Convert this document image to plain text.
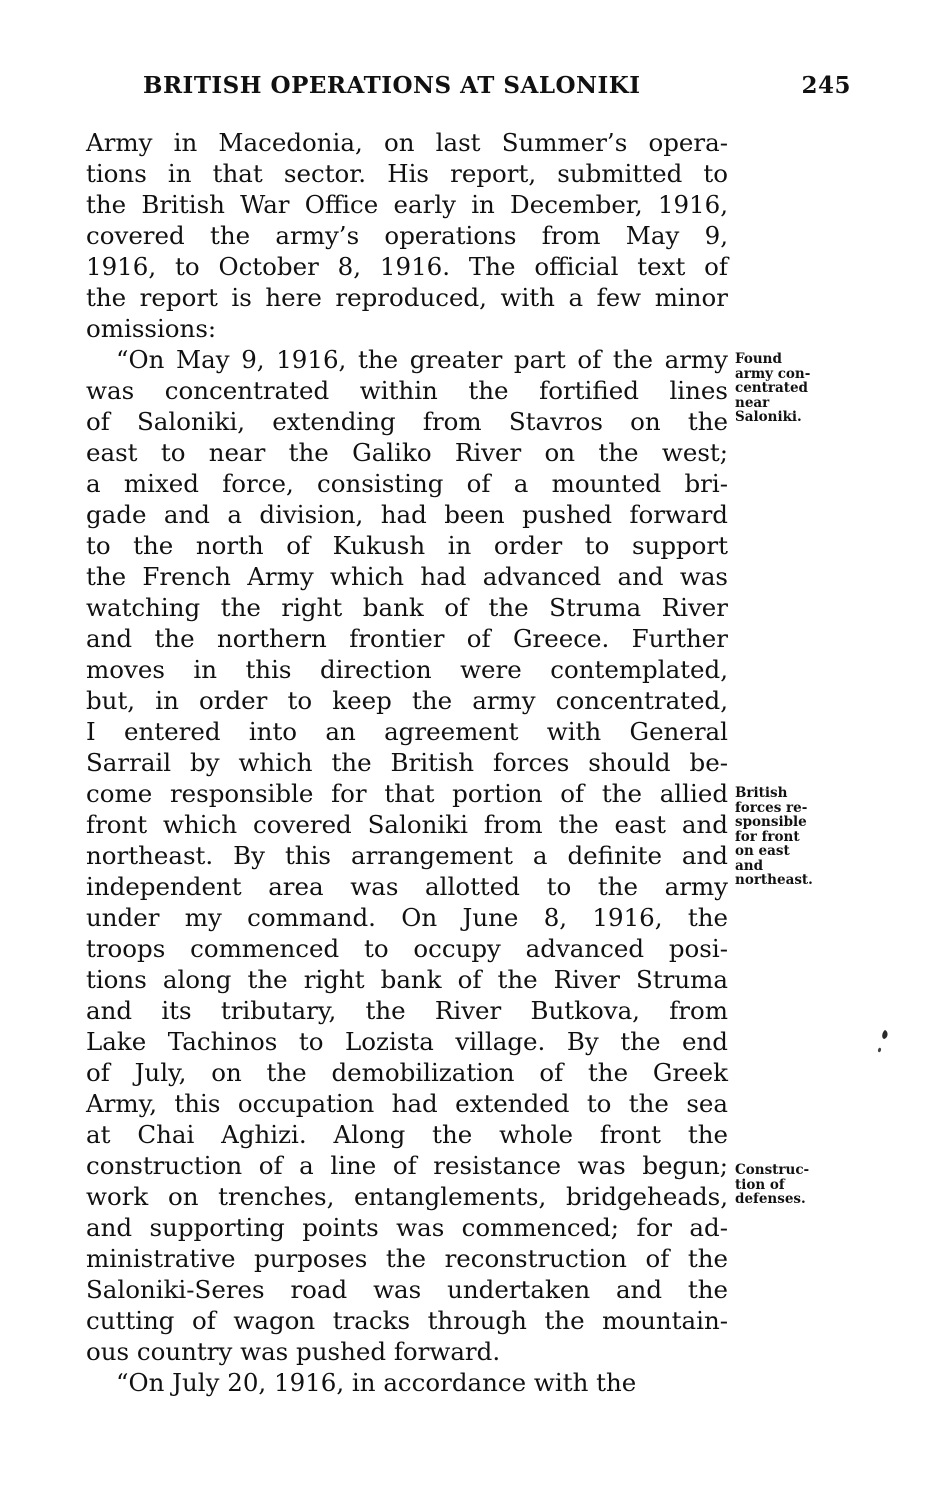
BRITISH OPERATIONS AT SALONIKI	245
Army in Macedonia, on last Summer’s opera-
tions in that sector. His report, submitted to
the British War Office early in December, 1916,
covered the army’s operations from May 9,
1916, to October 8, 1916. The official text of
the report is here reproduced, with a few minor
omissions:
“On May 9, 1916, the greater part of the army
was concentrated within the fortified lines
of Saloniki, extending from Stavros on the
east to near the Galiko River on the west;
a mixed force, consisting of a mounted bri-
gade and a division, had been pushed forward
to the north of Kukush in order to support
the French Army which had advanced and was
watching the right bank of the Struma River
and the northern frontier of Greece. Further
moves in this direction were contemplated,
but, in order to keep the army concentrated,
I entered into an agreement with General
Sarrail by which the British forces should be-
come responsible for that portion of the allied
front which covered Saloniki from the east and
northeast. By this arrangement a definite and
independent area was allotted to the army
under my command. On June 8, 1916, the
troops commenced to occupy advanced posi-
tions along the right bank of the River Struma
and its tributary, the River Butkova, from
Lake Tachinos to Lozista village. By the end
of July, on the demobilization of the Greek
Army, this occupation had extended to the sea
at Chai Aghizi. Along the whole front the
construction of a line of resistance was begun;
work on trenches, entanglements, bridgeheads,
and supporting points was commenced; for ad-
ministrative purposes the reconstruction of the
Saloniki-Seres road was undertaken and the
cutting of wagon tracks through the mountain-
ous country was pushed forward.
“On July 20, 1916, in accordance with the
Found
army con-
centrated
near
Saloniki.
British
forces re-
sponsible
for front
on east
and
northeast.
Construc-
tion of
defenses.
